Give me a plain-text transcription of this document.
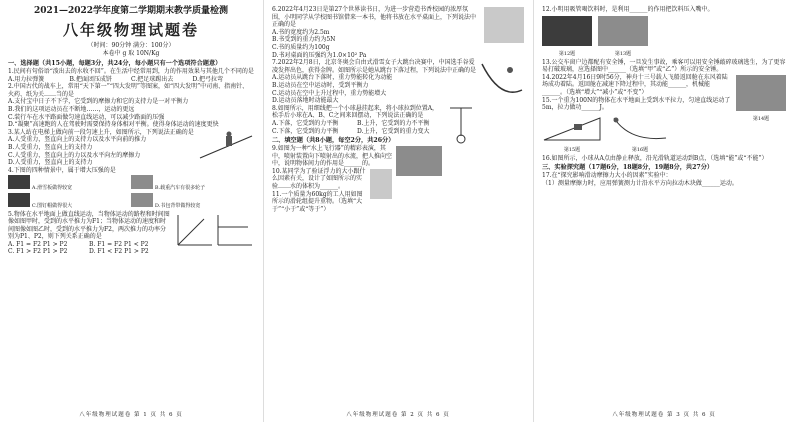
2021—2022学年度第二学期期末教学质量检测
八年级物理试题卷
（时间：90分钟 满分：100分）
本卷中 g 取 10N/Kg
一、选择题（共15小题，每题3分，共24分，每小题只有一个选项符合题意）

1.民间有句俗语“泼出去的水收不回”。在生活中经常用到，力的作用效果与其他几个不同的是

A.用力拉弹簧	B.把面团压成饼	C.把足球踢出去	D.把弓拉弯

2.中国古代的战车上，常用“天下第一”“四大发明”等图案，如“四大发明”中司南、指南针、火药、纸为关……当的是

A.支付宝中日子不下学，它受到的摩擦力和它的支持力是一对平衡力

B.我们的这项运动员在不断地……，运动的更远

C.装行车在水平路面做匀速直线运动，可以减少路面的压强

D.“凝聚”高速跑的人在驾驶时需要保持身体相对平衡。使得身体运动的速度更快

3.某人站在电梯上做向前一段匀速上升，如图所示，下列说法正确的是

A.人受重力，竖直向上的支持力以及水平向前的推力

B.人受重力，竖直向上的支持力

C.人受重力，竖直向上的力以及水平向左的摩擦力

D.人受重力，竖直向上的支持力

4.下图的四种情景中，属于增大压强的是

A.滑雪板做得较宽	B.载重汽车有很多轮子
C.图钉帽做得很大	D.书包背带做得较宽

5.物体在水平地面上做直线运动，当物体运动的路程和时间图像如图甲时，受到的水平推力为F1；当物体运动的速度和时间图像如图乙时，受到的水平推力为F2，两次推力的功率分别为P1、P2，则下列关系正确的是

A. F1 = F2 P1 > P2	B. F1 = F2 P1 < P2
C. F1 > F2 P1 > P2	D. F1 < F2 P1 > P2
八年级物理试题卷 第 1 页 共 6 页

6.2022年4月23日是第27个世界读书日，为进一步营造书香校园的浓厚氛围，小明同学从学校图书馆借来一本书，他将书放在水平桌面上，下列说法中正确的是

A.书的宽度约为2.5m

B.书受到的重力约为5N

C.书的质量约为100g

D.书对桌面的压强约为1.0×10² Pa

7.2022年2月8日，北京冬奥会自由式滑雪女子大跳台决赛中，中国选手谷爱凌发挥出色，获得金牌。如图所示是她从跳台下落过程，下列说法中正确的是

A.运动员从跳台下落时，重力势能转化为动能

B.运动员在空中运动时，受到平衡力

C.运动员在空中上升过程中，重力势能增大

D.运动员落地时动能最大

8.如图所示，用细线把一个小球悬挂起来，将小球拉到位置A，松手后小球在A、B、C之间来回摆动，下列说法正确的是

A.下落，它受到的力平衡	B.上升，它受到的力不平衡
C.下落，它受到的力平衡	D.上升，它受到的重力变大
二、填空题（共8小题，每空2分，共26分）

9.如图为一种“水上飞行器”的精彩表演，其中，喷射装置向下喷射出的水流，把人推向空中，说明物体间力的作用是______的。

10.某同学为了验证浮力的大小跟什么因素有关，设计了如图所示的实验……水的体积为______。

11.一个质量为60kg的工人用如图所示的滑轮组提升重物。（选填“大于”“小于”或“等于”）

八年级物理试题卷 第 2 页 共 6 页

12.小明用吸管喝饮料时，是利用______的作用把饮料压入嘴中。

第12题	第13题

13.公交车窗户边都配有安全锤，一旦发生事故，乘客可以用安全锤敲碎玻璃逃生，为了更容易打破玻璃，应选择图中______（选填“甲”或“乙”）所示的安全锤。

第14题

14.2022年4月16日9时56分，神舟十三号载人飞船返回舱在东风着陆场成功着陆。返回舱在减速下降过程中，其动能______，机械能______。（选填“增大”“减小”或“不变”）

15.一个重为100N的物体在水平地面上受到水平拉力，匀速直线运动了5m，拉力做功______J。

第15题	第16题

16.如图所示，小球从A点由静止释放，沿光滑轨道运动到B点，（选填“能”或“不能”）

三、实验探究题（17题6分，18题8分，19题8分，共27分）

17.在“探究影响滑动摩擦力大小的因素”实验中：

（1）测量摩擦力时，应用弹簧测力计沿水平方向拉动木块做______运动。

八年级物理试题卷 第 3 页 共 6 页
